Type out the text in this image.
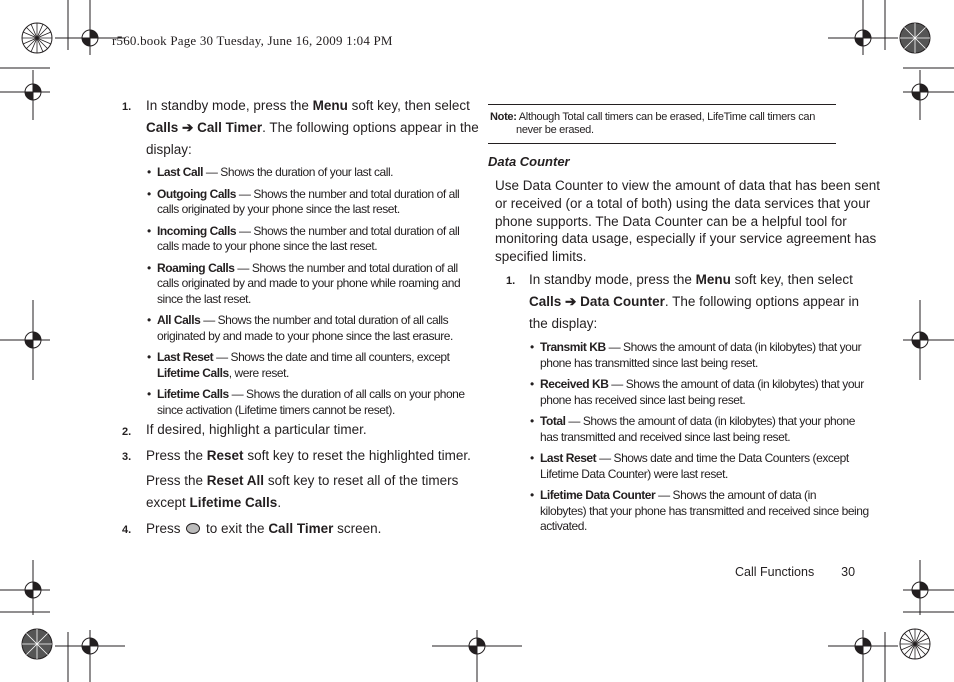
r560.book Page 30 Tuesday, June 16, 2009 1:04 PM
1. In standby mode, press the Menu soft key, then select
Calls ➔ Call Timer. The following options appear in the
display:
• Last Call — Shows the duration of your last call.
• Outgoing Calls — Shows the number and total duration of all
calls originated by your phone since the last reset.
• Incoming Calls — Shows the number and total duration of all
calls made to your phone since the last reset.
• Roaming Calls — Shows the number and total duration of all
calls originated by and made to your phone while roaming and
since the last reset.
• All Calls — Shows the number and total duration of all calls
originated by and made to your phone since the last erasure.
• Last Reset — Shows the date and time all counters, except
Lifetime Calls, were reset.
• Lifetime Calls — Shows the duration of all calls on your phone
since activation (Lifetime timers cannot be reset).
2. If desired, highlight a particular timer.
3. Press the Reset soft key to reset the highlighted timer.
Press the Reset All soft key to reset all of the timers
except Lifetime Calls.
4. Press  to exit the Call Timer screen.
Note: Although Total call timers can be erased, LifeTime call timers can
never be erased.
Data Counter
Use Data Counter to view the amount of data that has been sent
or received (or a total of both) using the data services that your
phone supports. The Data Counter can be a helpful tool for
monitoring data usage, especially if your service agreement has
specified limits.
1. In standby mode, press the Menu soft key, then select
Calls ➔ Data Counter. The following options appear in
the display:
• Transmit KB — Shows the amount of data (in kilobytes) that your
phone has transmitted since last being reset.
• Received KB — Shows the amount of data (in kilobytes) that your
phone has received since last being reset.
• Total — Shows the amount of data (in kilobytes) that your phone
has transmitted and received since last being reset.
• Last Reset — Shows date and time the Data Counters (except
Lifetime Data Counter) were last reset.
• Lifetime Data Counter — Shows the amount of data (in
kilobytes) that your phone has transmitted and received since being
activated.
Call Functions 30
